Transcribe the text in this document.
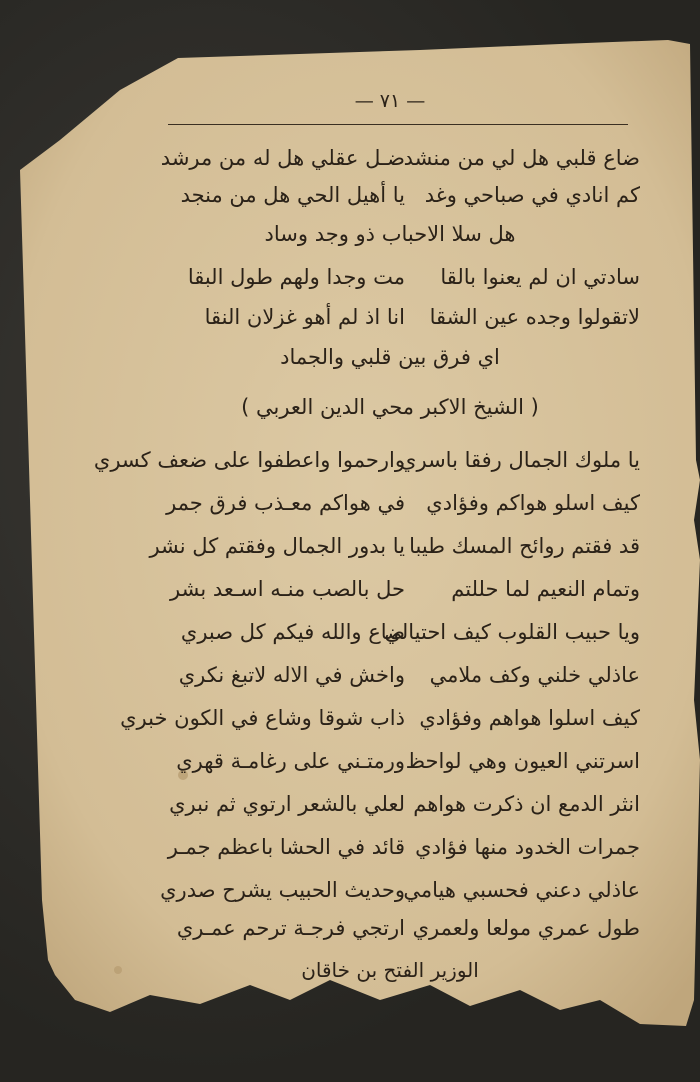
— ٧١ —
ضاع قلبي هل لي من منشد
ضـل عقلي هل له من مرشد
كم انادي في صباحي وغد
يا أهيل الحي هل من منجد
هل سلا الاحباب ذو وجد وساد
سادتي ان لم يعنوا بالقا
مت وجدا ولهم طول البقا
لاتقولوا وجده عين الشقا
انا اذ لم أهو غزلان النقا
اي فرق بين قلبي والجماد
( الشيخ الاكبر محي الدين العربي )
يا ملوك الجمال رفقا باسري
وارحموا واعطفوا على ضعف كسري
كيف اسلو هواكم وفؤادي
في هواكم معـذب فرق جمر
قد فقتم روائح المسك طيبا
يا بدور الجمال وفقتم كل نشر
وتمام النعيم لما حللتم
حل بالصب منـه اسـعد بشر
ويا حبيب القلوب كيف احتيالي
ضاع والله فيكم كل صبري
عاذلي خلني وكف ملامي
واخش في الاله لاتبغ نكري
كيف اسلوا هواهم وفؤادي
ذاب شوقا وشاع في الكون خبري
اسرتني العيون وهي لواحظ
ورمتـني على رغامـة قهري
انثر الدمع ان ذكرت هواهم
لعلي بالشعر ارتوي ثم نبري
جمرات الخدود منها فؤادي
قائد في الحشا باعظم جمـر
عاذلي دعني فحسبي هيامي
وحديث الحبيب يشرح صدري
طول عمري مولعا ولعمري
ارتجي فرجـة ترحم عمـري
الوزير الفتح بن خاقان
